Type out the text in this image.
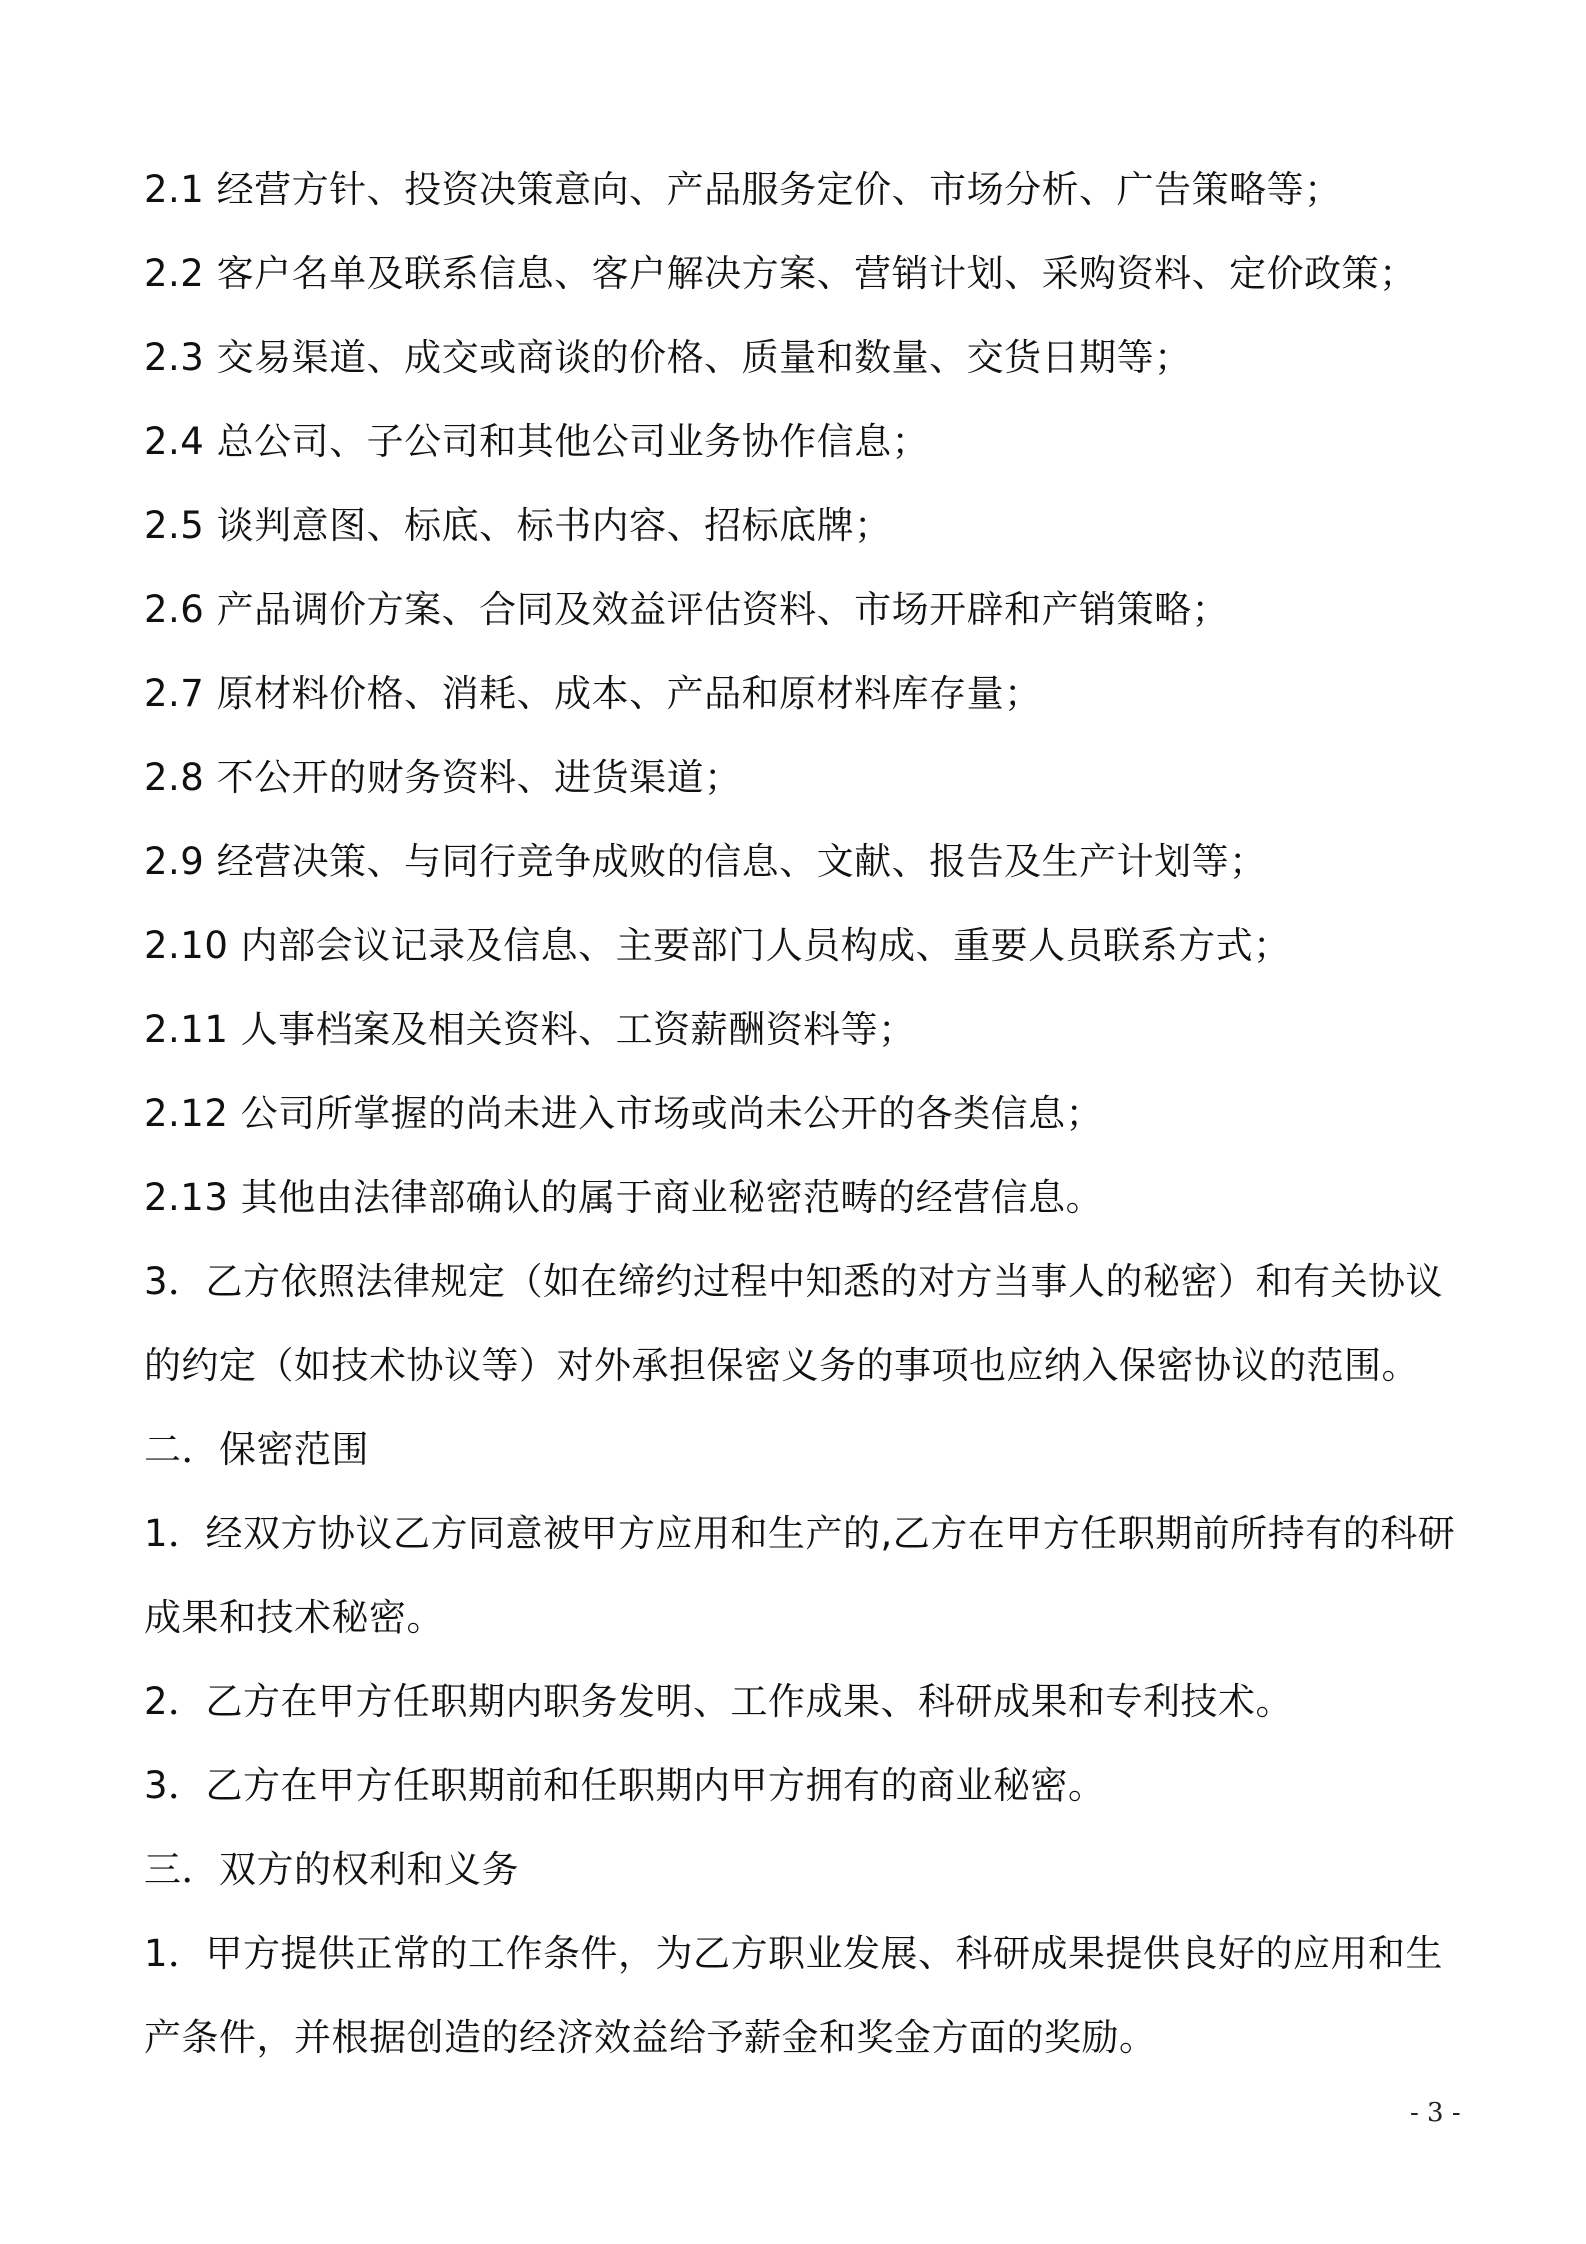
2.1 经营方针、投资决策意向、产品服务定价、市场分析、广告策略等；
2.2 客户名单及联系信息、客户解决方案、营销计划、采购资料、定价政策；
2.3 交易渠道、成交或商谈的价格、质量和数量、交货日期等；
2.4 总公司、子公司和其他公司业务协作信息；
2.5 谈判意图、标底、标书内容、招标底牌；
2.6 产品调价方案、合同及效益评估资料、市场开辟和产销策略；
2.7 原材料价格、消耗、成本、产品和原材料库存量；
2.8 不公开的财务资料、进货渠道；
2.9 经营决策、与同行竞争成败的信息、文献、报告及生产计划等；
2.10 内部会议记录及信息、主要部门人员构成、重要人员联系方式；
2.11 人事档案及相关资料、工资薪酬资料等；
2.12 公司所掌握的尚未进入市场或尚未公开的各类信息；
2.13 其他由法律部确认的属于商业秘密范畴的经营信息。
3．乙方依照法律规定（如在缔约过程中知悉的对方当事人的秘密）和有关协议
的约定（如技术协议等）对外承担保密义务的事项也应纳入保密协议的范围。
二．保密范围
1．经双方协议乙方同意被甲方应用和生产的,乙方在甲方任职期前所持有的科研
成果和技术秘密。
2．乙方在甲方任职期内职务发明、工作成果、科研成果和专利技术。
3．乙方在甲方任职期前和任职期内甲方拥有的商业秘密。
三．双方的权利和义务
1．甲方提供正常的工作条件，为乙方职业发展、科研成果提供良好的应用和生
产条件，并根据创造的经济效益给予薪金和奖金方面的奖励。
- 3 -
